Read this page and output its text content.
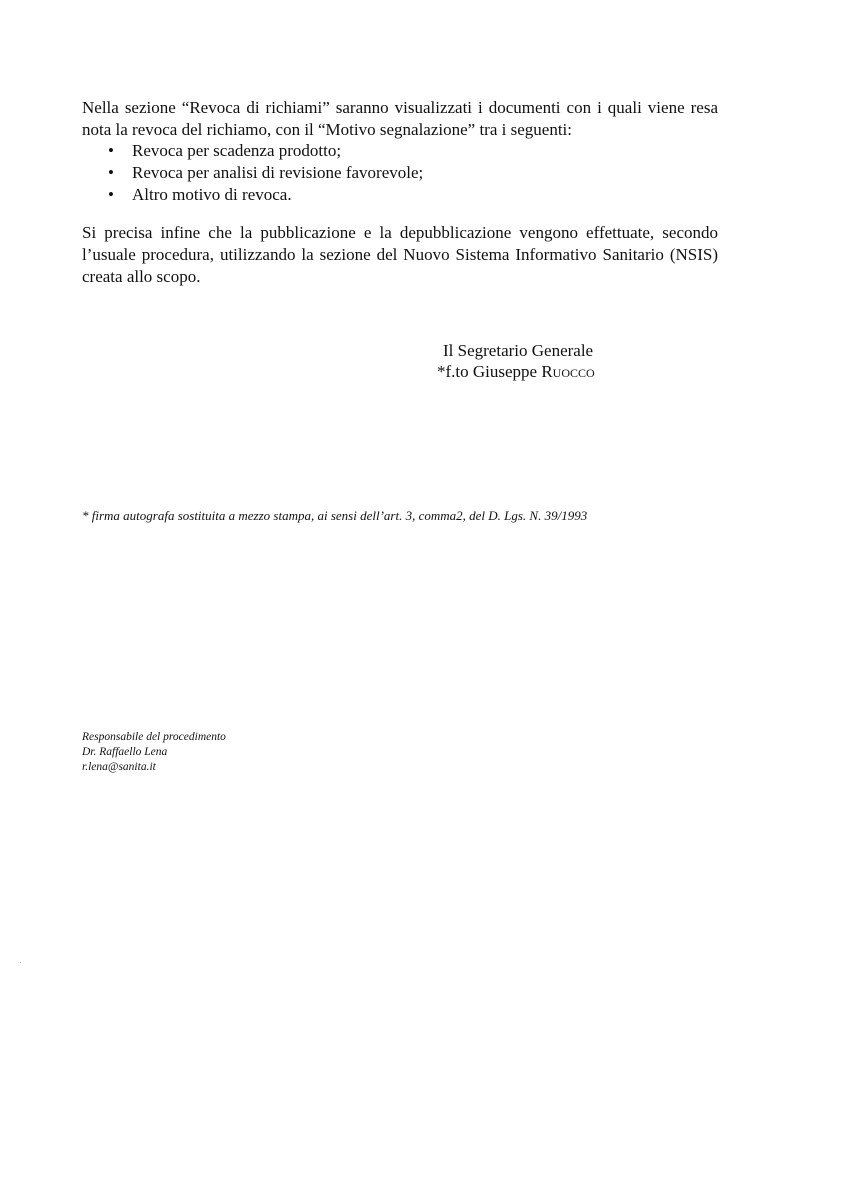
Nella sezione “Revoca di richiami” saranno visualizzati i documenti con i quali viene resa
nota la revoca del richiamo, con il “Motivo segnalazione” tra i seguenti:

• Revoca per scadenza prodotto;
• Revoca per analisi di revisione favorevole;
• Altro motivo di revoca.

Si precisa infine che la pubblicazione e la depubblicazione vengono effettuate, secondo
l’usuale procedura, utilizzando la sezione del Nuovo Sistema Informativo Sanitario (NSIS)
creata allo scopo.

Il Segretario Generale
*f.to Giuseppe Ruocco
* firma autografa sostituita a mezzo stampa, ai sensi dell’art. 3, comma2, del D. Lgs. N. 39/1993
Responsabile del procedimento
Dr. Raffaello Lena
r.lena@sanita.it
